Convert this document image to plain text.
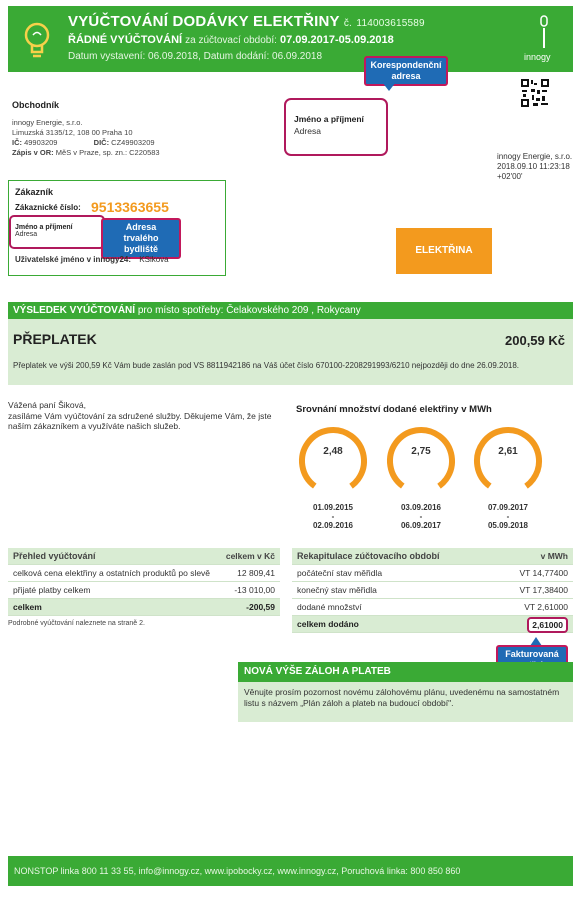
VYÚČTOVÁNÍ DODÁVKY ELEKTŘINY č. 114003615589
ŘÁDNÉ VYÚČTOVÁNÍ za zúčtovací období: 07.09.2017-05.09.2018
Datum vystavení: 06.09.2018, Datum dodání: 06.09.2018	innogy
Korespondenční adresa
Obchodník
innogy Energie, s.r.o.
Limuzská 3135/12, 108 00 Praha 10
IČ: 49903209	DIČ: CZ49903209
Zápis v OR: MěS v Praze, sp. zn.: C220583
Jméno a příjmení
Adresa
innogy Energie, s.r.o.
2018.09.10 11:23:18
+02'00'
Zákazník
Zákaznické číslo: 9513363655
Jméno a příjmení
Adresa
Adresa trvalého bydliště
Uživatelské jméno v innogy24: KSikova
ELEKTŘINA
VÝSLEDEK VYÚČTOVÁNÍ pro místo spotřeby: Čelakovského 209 , Rokycany
PŘEPLATEK	200,59 Kč
Přeplatek ve výši 200,59 Kč Vám bude zaslán pod VS 8811942186 na Váš účet číslo 670100-2208291993/6210 nejpozději do dne 26.09.2018.
Vážená paní Šiková,
zasíláme Vám vyúčtování za sdružené služby. Děkujeme Vám, že jste naším zákazníkem a využíváte našich služeb.
Srovnání množství dodané elektřiny v MWh
2,48
01.09.2015
-
02.09.2016
2,75
03.09.2016
-
06.09.2017
2,61
07.09.2017
-
05.09.2018
Přehled vyúčtování	celkem v Kč
celková cena elektřiny a ostatních produktů po slevě	12 809,41
přijaté platby celkem	-13 010,00
celkem	-200,59
Podrobné vyúčtování naleznete na straně 2.
Rekapitulace zúčtovacího období	v MWh
počáteční stav měřidla	VT 14,77400
konečný stav měřidla	VT 17,38400
dodané množství	VT 2,61000
celkem dodáno	2,61000
Fakturovaná
NOVÁ VÝŠE ZÁLOH A PLATEB
Věnujte prosím pozornost novému zálohovému plánu, uvedenému na samostatném listu s názvem „Plán záloh a plateb na budoucí období".
NONSTOP linka 800 11 33 55, info@innogy.cz, www.ipobocky.cz, www.innogy.cz, Poruchová linka: 800 850 860
